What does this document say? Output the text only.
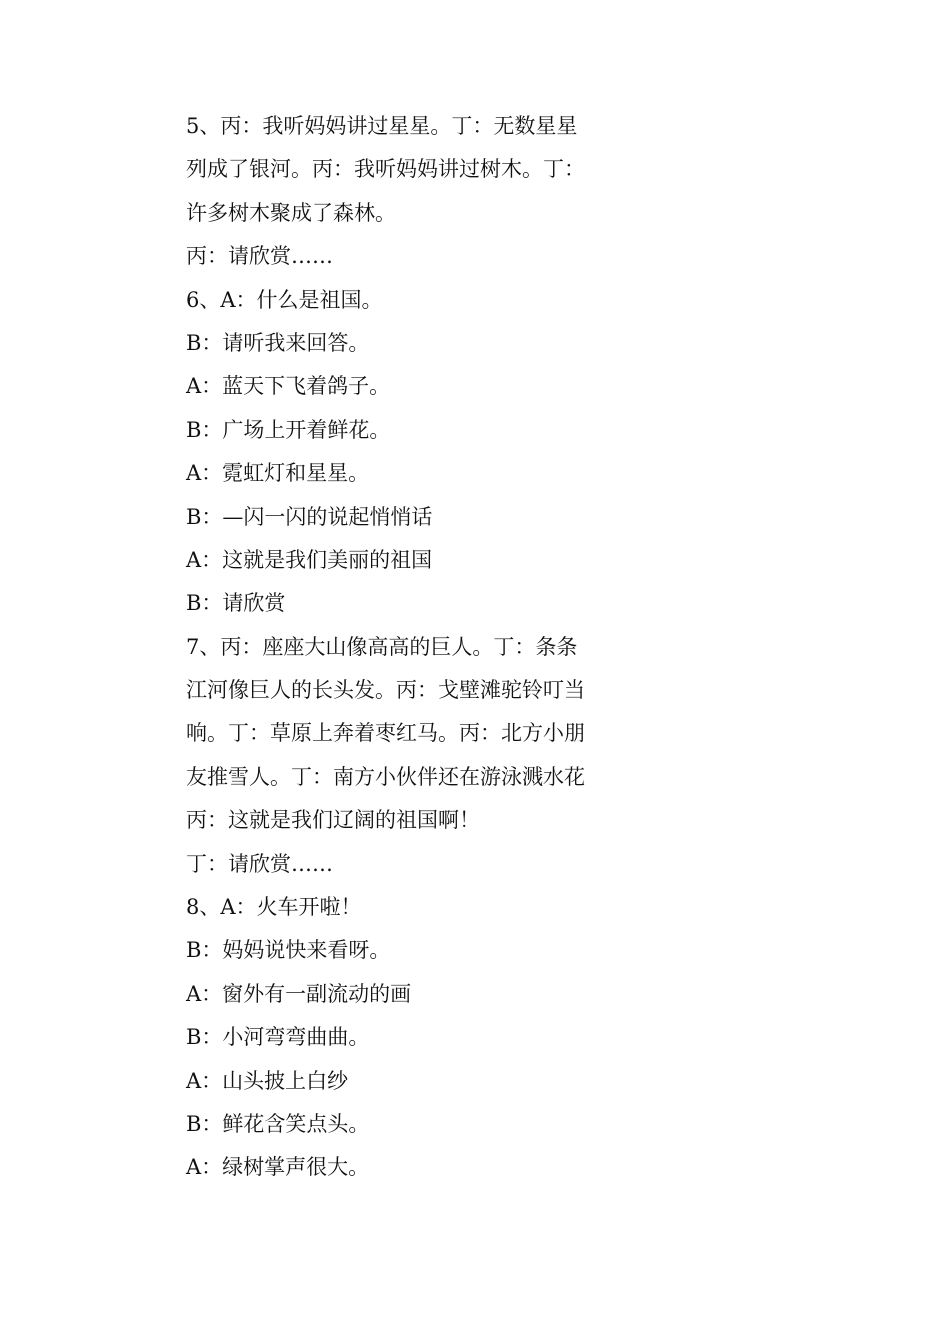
5、丙：我听妈妈讲过星星。丁：无数星星
列成了银河。丙：我听妈妈讲过树木。丁：
许多树木聚成了森林。
丙：请欣赏……
6、A：什么是祖国。
B：请听我来回答。
A：蓝天下飞着鸽子。
B：广场上开着鲜花。
A：霓虹灯和星星。
B：—闪一闪的说起悄悄话
A：这就是我们美丽的祖国
B：请欣赏
7、丙：座座大山像高高的巨人。丁：条条
江河像巨人的长头发。丙：戈壁滩驼铃叮当
响。丁：草原上奔着枣红马。丙：北方小朋
友推雪人。丁：南方小伙伴还在游泳溅水花
丙：这就是我们辽阔的祖国啊！
丁：请欣赏……
8、A：火车开啦！
B：妈妈说快来看呀。
A：窗外有一副流动的画
B：小河弯弯曲曲。
A：山头披上白纱
B：鲜花含笑点头。
A：绿树掌声很大。
